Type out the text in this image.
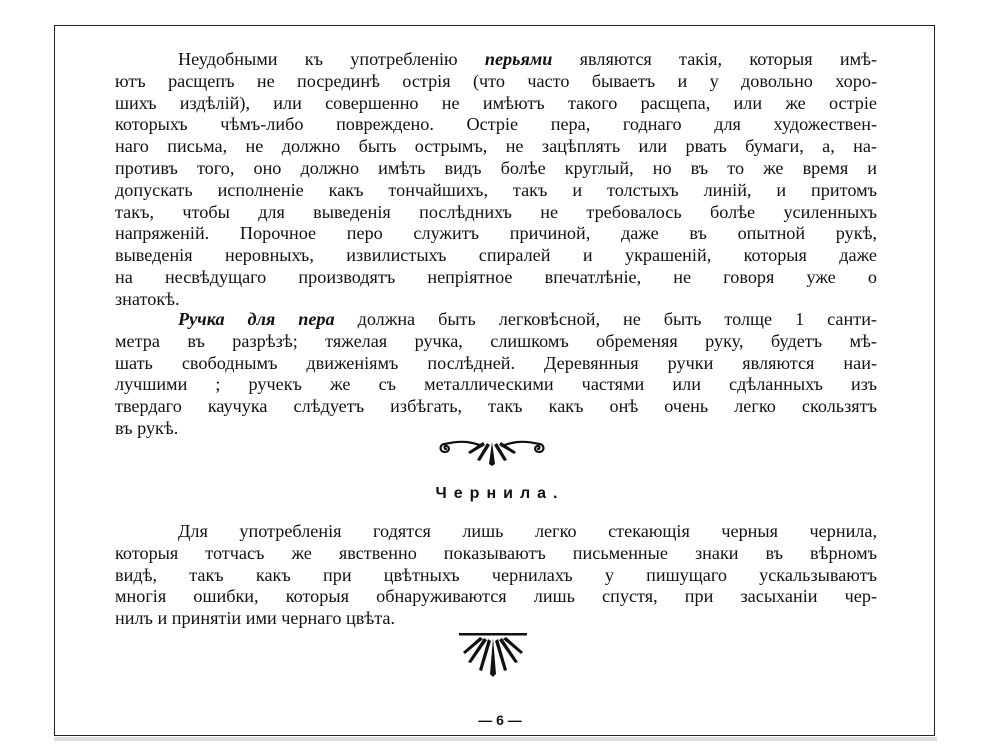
Неудобными къ употребленію перьями являются такія, которыя имѣ-
ютъ расщепъ не посрединѣ острія (что часто бываетъ и у довольно хоро-
шихъ издѣлій), или совершенно не имѣютъ такого расщепа, или же остріе
которыхъ чѣмъ-либо повреждено. Остріе пера, годнаго для художествен-
наго письма, не должно быть острымъ, не зацѣплять или рвать бумаги, а, на-
противъ того, оно должно имѣть видъ болѣе круглый, но въ то же время и
допускать исполненіе какъ тончайшихъ, такъ и толстыхъ линій, и притомъ
такъ, чтобы для выведенія послѣднихъ не требовалось болѣе усиленныхъ
напряженій. Порочное перо служитъ причиной, даже въ опытной рукѣ,
выведенія неровныхъ, извилистыхъ спиралей и украшеній, которыя даже
на несвѣдущаго производятъ непріятное впечатлѣніе, не говоря уже о
знатокѣ.
Ручка для пера должна быть легковѣсной, не быть толще 1 санти-
метра въ разрѣзѣ; тяжелая ручка, слишкомъ обременяя руку, будетъ мѣ-
шать свободнымъ движеніямъ послѣдней. Деревянныя ручки являются наи-
лучшими ; ручекъ же съ металлическими частями или сдѣланныхъ изъ
твердаго каучука слѣдуетъ избѣгать, такъ какъ онѣ очень легко скользятъ
въ рукѣ.
Чернила.
Для употребленія годятся лишь легко стекающія черныя чернила,
которыя тотчасъ же явственно показываютъ письменные знаки въ вѣрномъ
видѣ, такъ какъ при цвѣтныхъ чернилахъ у пишущаго ускальзываютъ
многія ошибки, которыя обнаруживаются лишь спустя, при засыханіи чер-
нилъ и принятіи ими чернаго цвѣта.
— 6 —
